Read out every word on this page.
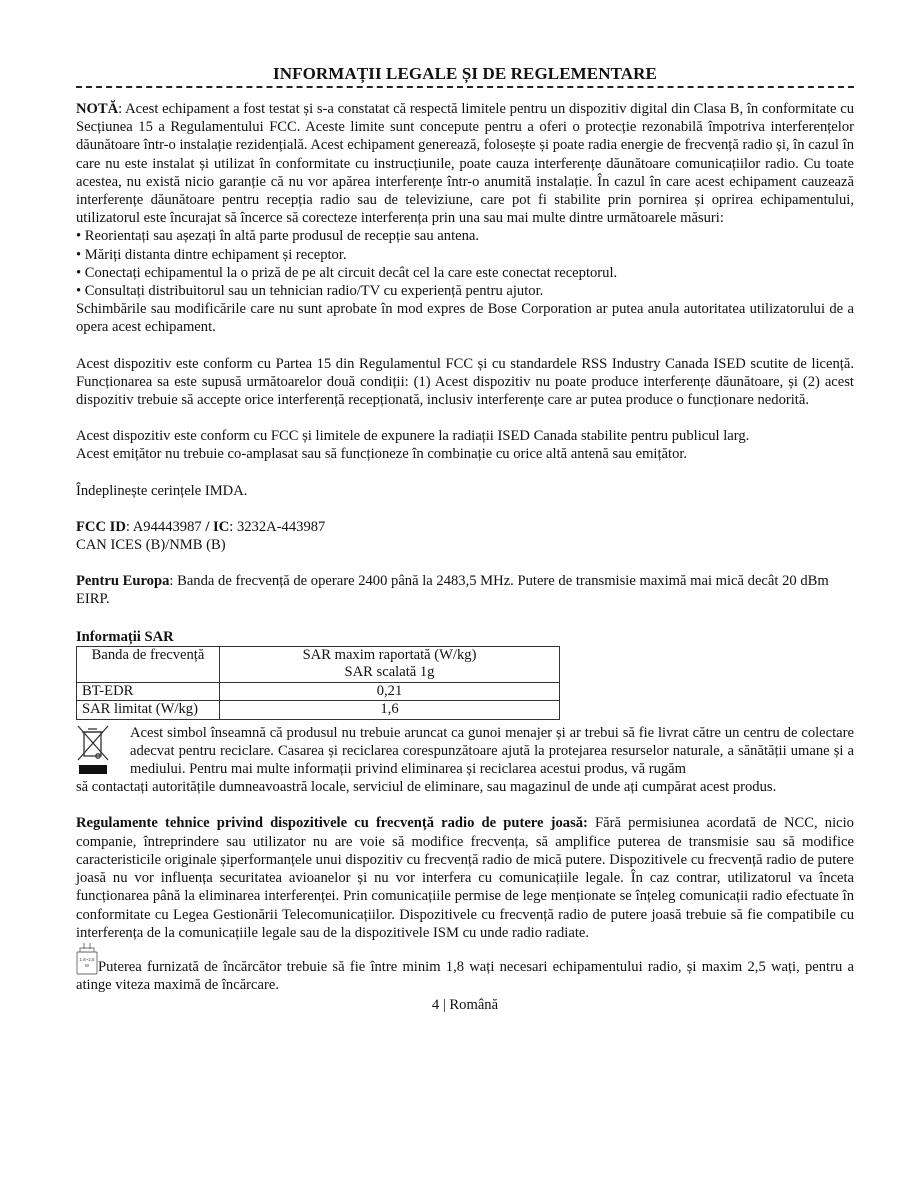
INFORMAȚII LEGALE ȘI DE REGLEMENTARE

NOTĂ: Acest echipament a fost testat și s-a constatat că respectă limitele pentru un dispozitiv digital din Clasa B, în conformitate cu Secțiunea 15 a Regulamentului FCC. Aceste limite sunt concepute pentru a oferi o protecție rezonabilă împotriva interferențelor dăunătoare într-o instalație rezidențială. Acest echipament generează, folosește și poate radia energie de frecvență radio și, în cazul în care nu este instalat și utilizat în conformitate cu instrucțiunile, poate cauza interferențe dăunătoare comunicațiilor radio. Cu toate acestea, nu există nicio garanție că nu vor apărea interferențe într-o anumită instalație. În cazul în care acest echipament cauzează interferențe dăunătoare pentru recepția radio sau de televiziune, care pot fi stabilite prin pornirea și oprirea echipamentului, utilizatorul este încurajat să încerce să corecteze interferența prin una sau mai multe dintre următoarele măsuri:

• Reorientați sau așezați în altă parte produsul de recepție sau antena.
• Măriți distanta dintre echipament și receptor.
• Conectați echipamentul la o priză de pe alt circuit decât cel la care este conectat receptorul.
• Consultați distribuitorul sau un tehnician radio/TV cu experiență pentru ajutor.

Schimbările sau modificările care nu sunt aprobate în mod expres de Bose Corporation ar putea anula autoritatea utilizatorului de a opera acest echipament.

Acest dispozitiv este conform cu Partea 15 din Regulamentul FCC și cu standardele RSS Industry Canada ISED scutite de licență. Funcționarea sa este supusă următoarelor două condiții: (1) Acest dispozitiv nu poate produce interferențe dăunătoare, și (2) acest dispozitiv trebuie să accepte orice interferență recepționată, inclusiv interferențe care ar putea produce o funcționare nedorită.

Acest dispozitiv este conform cu FCC și limitele de expunere la radiații ISED Canada stabilite pentru publicul larg.

Acest emițător nu trebuie co-amplasat sau să funcționeze în combinație cu orice altă antenă sau emițător.

Îndeplinește cerințele IMDA.

FCC ID: A94443987 / IC: 3232A-443987

CAN ICES (B)/NMB (B)

Pentru Europa: Banda de frecvență de operare 2400 până la 2483,5 MHz. Putere de transmisie maximă mai mică decât 20 dBm EIRP.

Informații SAR
Banda de frecvență	SAR maxim raportată (W/kg)
SAR scalată 1g

BT-EDR	0,21
SAR limitat (W/kg)	1,6

Acest simbol înseamnă că produsul nu trebuie aruncat ca gunoi menajer și ar trebui să fie livrat către un centru de colectare adecvat pentru reciclare. Casarea și reciclarea corespunzătoare ajută la protejarea resurselor naturale, a sănătății umane și a mediului. Pentru mai multe informații privind eliminarea și reciclarea acestui produs, vă rugăm

să contactați autoritățile dumneavoastră locale, serviciul de eliminare, sau magazinul de unde ați cumpărat acest produs.

Regulamente tehnice privind dispozitivele cu frecvență radio de putere joasă: Fără permisiunea acordată de NCC, nicio companie, întreprindere sau utilizator nu are voie să modifice frecvența, să amplifice puterea de transmisie sau să modifice caracteristicile originale șiperformanțele unui dispozitiv cu frecvență radio de mică putere. Dispozitivele cu frecvență radio de putere joasă nu vor influența securitatea avioanelor și nu vor interfera cu comunicațiile legale. În caz contrar, utilizatorul va înceta funcționarea până la eliminarea interferenței. Prin comunicațiile permise de lege menționate se înțeleg comunicații radio efectuate în conformitate cu Legea Gestionării Telecomunicațiilor. Dispozitivele cu frecvență radio de putere joasă trebuie să fie compatibile cu interferența de la comunicațiile legale sau de la dispozitivele ISM cu unde radio radiate.

1,8~2,5
W Puterea furnizată de încărcător trebuie să fie între minim 1,8 wați necesari echipamentului radio, și maxim 2,5 wați, pentru a atinge viteza maximă de încărcare.

4 | Română
